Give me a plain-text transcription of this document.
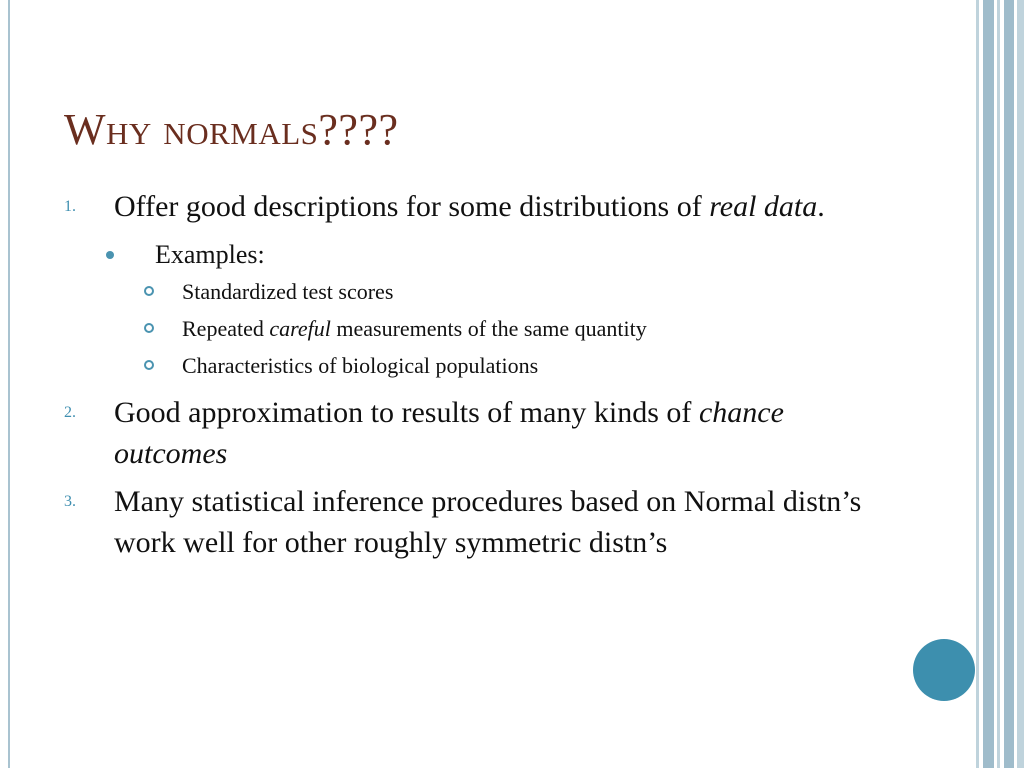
Why normals????
1. Offer good descriptions for some distributions of real data.
Examples:
Standardized test scores
Repeated careful measurements of the same quantity
Characteristics of biological populations
2. Good approximation to results of many kinds of chance outcomes
3. Many statistical inference procedures based on Normal distn’s work well for other roughly symmetric distn’s
